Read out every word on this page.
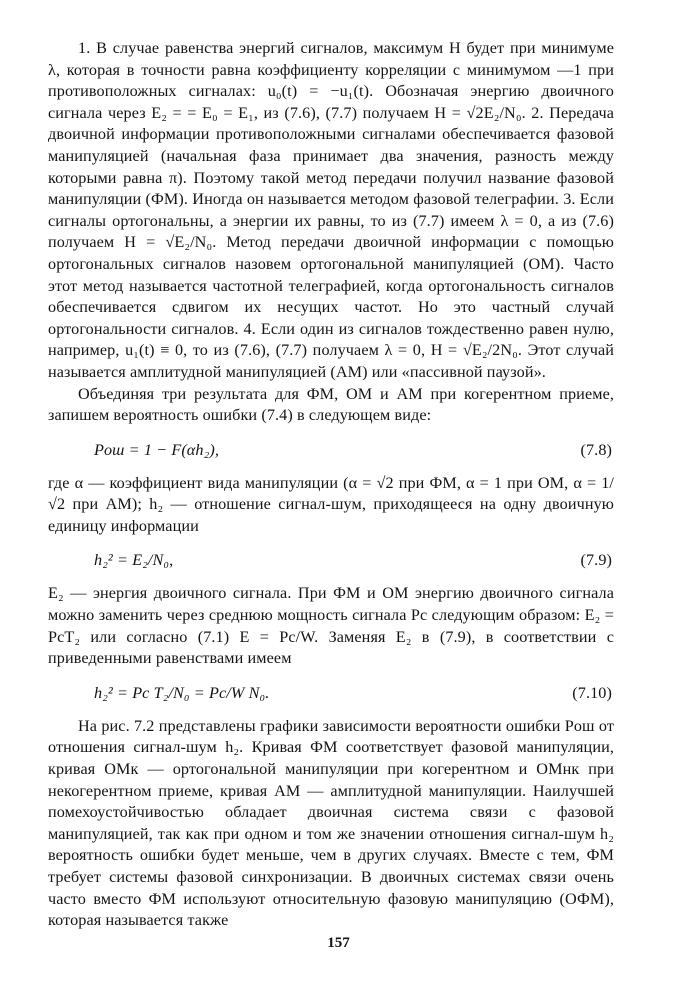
1. В случае равенства энергий сигналов, максимум H будет при минимуме λ, которая в точности равна коэффициенту корреляции с минимумом —1 при противоположных сигналах: u₀(t) = −u₁(t). Обозначая энергию двоичного сигнала через E₂ = = E₀ = E₁, из (7.6), (7.7) получаем H = √2E₂/N₀. 2. Передача двоичной информации противоположными сигналами обеспечивается фазовой манипуляцией (начальная фаза принимает два значения, разность между которыми равна π). Поэтому такой метод передачи получил название фазовой манипуляции (ФМ). Иногда он называется методом фазовой телеграфии. 3. Если сигналы ортогональны, а энергии их равны, то из (7.7) имеем λ = 0, а из (7.6) получаем H = √E₂/N₀. Метод передачи двоичной информации с помощью ортогональных сигналов назовем ортогональной манипуляцией (ОМ). Часто этот метод называется частотной телеграфией, когда ортогональность сигналов обеспечивается сдвигом их несущих частот. Но это частный случай ортогональности сигналов. 4. Если один из сигналов тождественно равен нулю, например, u₁(t) ≡ 0, то из (7.6), (7.7) получаем λ = 0, H = √E₂/2N₀. Этот случай называется амплитудной манипуляцией (АМ) или «пассивной паузой».

Объединяя три результата для ФМ, ОМ и АМ при когерентном приеме, запишем вероятность ошибки (7.4) в следующем виде:

Pош = 1 − F(αh₂),	(7.8)

где α — коэффициент вида манипуляции (α = √2 при ФМ, α = 1 при ОМ, α = 1/√2 при АМ); h₂ — отношение сигнал-шум, приходящееся на одну двоичную единицу информации

h₂² = E₂/N₀,	(7.9)

E₂ — энергия двоичного сигнала. При ФМ и ОМ энергию двоичного сигнала можно заменить через среднюю мощность сигнала Pс следующим образом: E₂ = PсT₂ или согласно (7.1) E = Pс/W. Заменяя E₂ в (7.9), в соответствии с приведенными равенствами имеем

h₂² = Pс T₂/N₀ = Pс/W N₀.	(7.10)

На рис. 7.2 представлены графики зависимости вероятности ошибки Pош от отношения сигнал-шум h₂. Кривая ФМ соответствует фазовой манипуляции, кривая ОМк — ортогональной манипуляции при когерентном и ОМнк при некогерентном приеме, кривая АМ — амплитудной манипуляции. Наилучшей помехоустойчивостью обладает двоичная система связи с фазовой манипуляцией, так как при одном и том же значении отношения сигнал-шум h₂ вероятность ошибки будет меньше, чем в других случаях. Вместе с тем, ФМ требует системы фазовой синхронизации. В двоичных системах связи очень часто вместо ФМ используют относительную фазовую манипуляцию (ОФМ), которая называется также

157
